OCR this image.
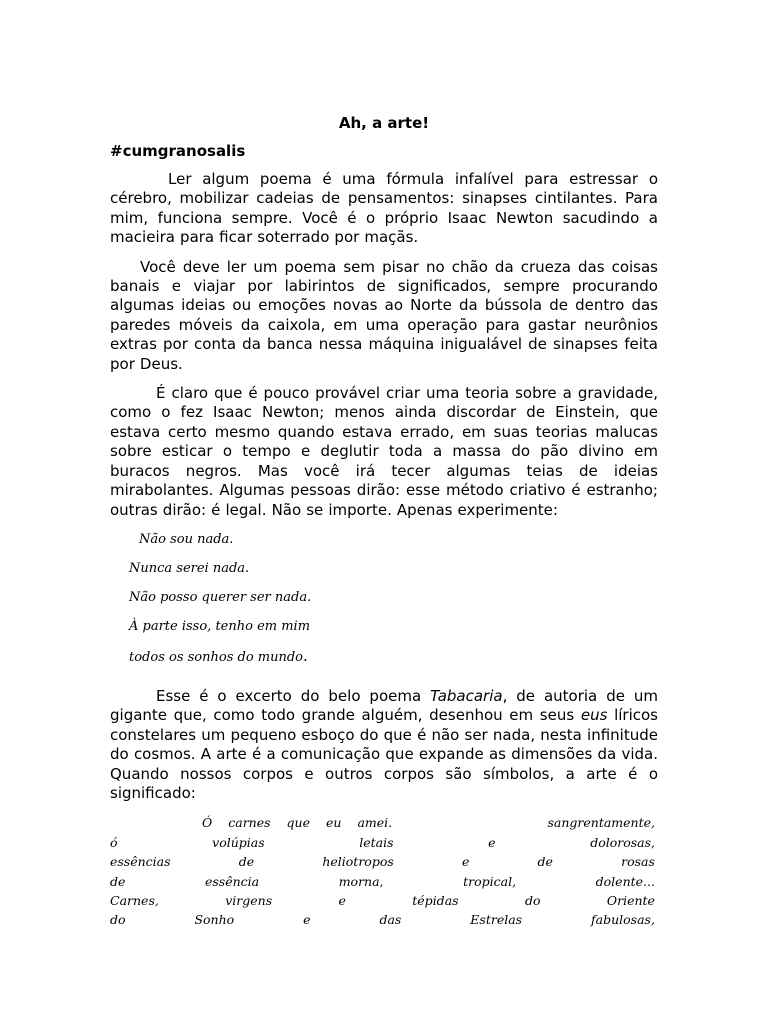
Ah, a arte!

#cumgranosalis

Ler algum poema é uma fórmula infalível para estressar o cérebro, mobilizar cadeias de pensamentos: sinapses cintilantes. Para mim, funciona sempre. Você é o próprio Isaac Newton sacudindo a macieira para ficar soterrado por maçãs.

Você deve ler um poema sem pisar no chão da crueza das coisas banais e viajar por labirintos de significados, sempre procurando algumas ideias ou emoções novas ao Norte da bússola de dentro das paredes móveis da caixola, em uma operação para gastar neurônios extras por conta da banca nessa máquina inigualável de sinapses feita por Deus.

É claro que é pouco provável criar uma teoria sobre a gravidade, como o fez Isaac Newton; menos ainda discordar de Einstein, que estava certo mesmo quando estava errado, em suas teorias malucas sobre esticar o tempo e deglutir toda a massa do pão divino em buracos negros. Mas você irá tecer algumas teias de ideias mirabolantes. Algumas pessoas dirão: esse método criativo é estranho; outras dirão: é legal. Não se importe. Apenas experimente:

Não sou nada.

Nunca serei nada.

Não posso querer ser nada.

À parte isso, tenho em mim

todos os sonhos do mundo.

Esse é o excerto do belo poema Tabacaria, de autoria de um gigante que, como todo grande alguém, desenhou em seus eus líricos constelares um pequeno esboço do que é não ser nada, nesta infinitude do cosmos. A arte é a comunicação que expande as dimensões da vida. Quando nossos corpos e outros corpos são símbolos, a arte é o significado:

Ó carnes que eu amei.	sangrentamente,
ó	volúpias	letais	e	dolorosas,
essências	de	heliotropos	e	de	rosas
de	essência	morna,	tropical,	dolente...
Carnes,	virgens	e	tépidas	do	Oriente
do	Sonho	e	das	Estrelas	fabulosas,
